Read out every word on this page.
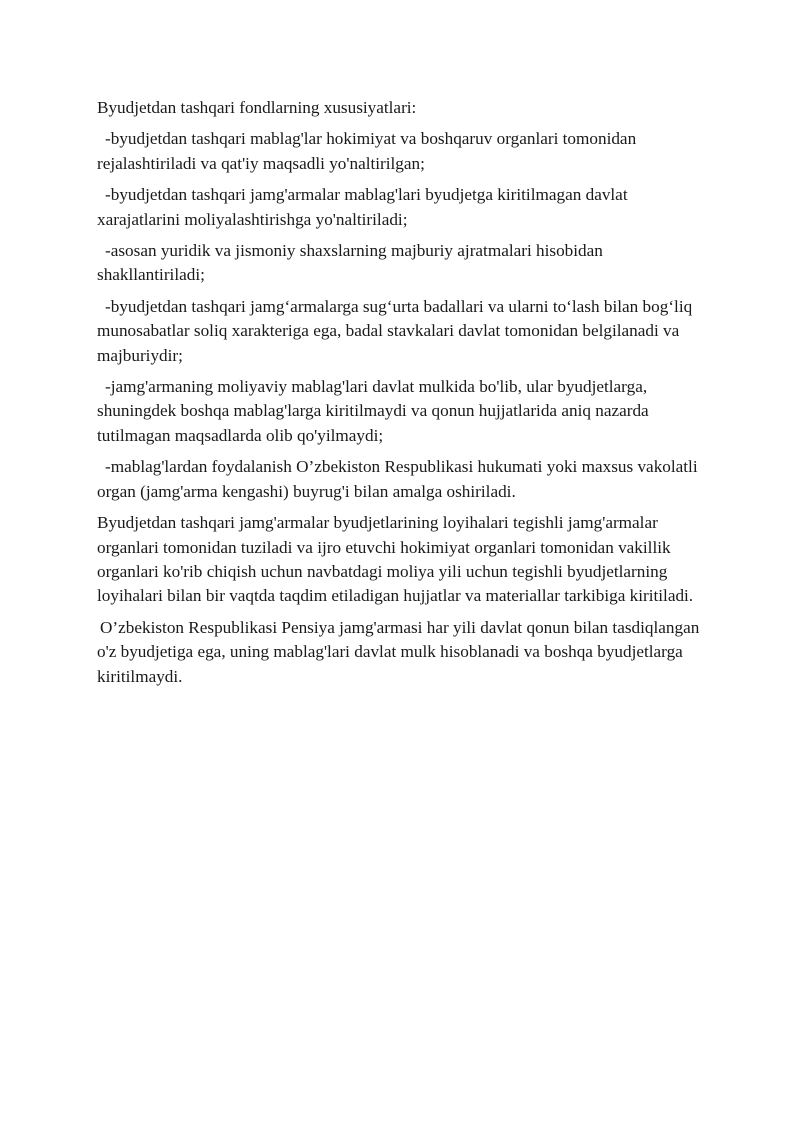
Byudjetdan tashqari fondlarning xususiyatlari:

-byudjetdan tashqari mablag'lar hokimiyat va boshqaruv organlari tomonidan rejalashtiriladi va qat'iy maqsadli yo'naltirilgan;

-byudjetdan tashqari jamg'armalar mablag'lari byudjetga kiritilmagan davlat xarajatlarini moliyalashtirishga yo'naltiriladi;

-asosan yuridik va jismoniy shaxslarning majburiy ajratmalari hisobidan shakllantiriladi;

-byudjetdan tashqari jamg‘armalarga sug‘urta badallari va ularni to‘lash bilan bog‘liq munosabatlar soliq xarakteriga ega, badal stavkalari davlat tomonidan belgilanadi va majburiydir;

-jamg'armaning moliyaviy mablag'lari davlat mulkida bo'lib, ular byudjetlarga, shuningdek boshqa mablag'larga kiritilmaydi va qonun hujjatlarida aniq nazarda tutilmagan maqsadlarda olib qo'yilmaydi;

-mablag'lardan foydalanish O’zbekiston Respublikasi hukumati yoki maxsus vakolatli organ (jamg'arma kengashi) buyrug'i bilan amalga oshiriladi.

Byudjetdan tashqari jamg'armalar byudjetlarining loyihalari tegishli jamg'armalar organlari tomonidan tuziladi va ijro etuvchi hokimiyat organlari tomonidan vakillik organlari ko'rib chiqish uchun navbatdagi moliya yili uchun tegishli byudjetlarning loyihalari bilan bir vaqtda taqdim etiladigan hujjatlar va materiallar tarkibiga kiritiladi.

O’zbekiston Respublikasi Pensiya jamg'armasi har yili davlat qonun bilan tasdiqlangan o'z byudjetiga ega, uning mablag'lari davlat mulk hisoblanadi va boshqa byudjetlarga kiritilmaydi.
